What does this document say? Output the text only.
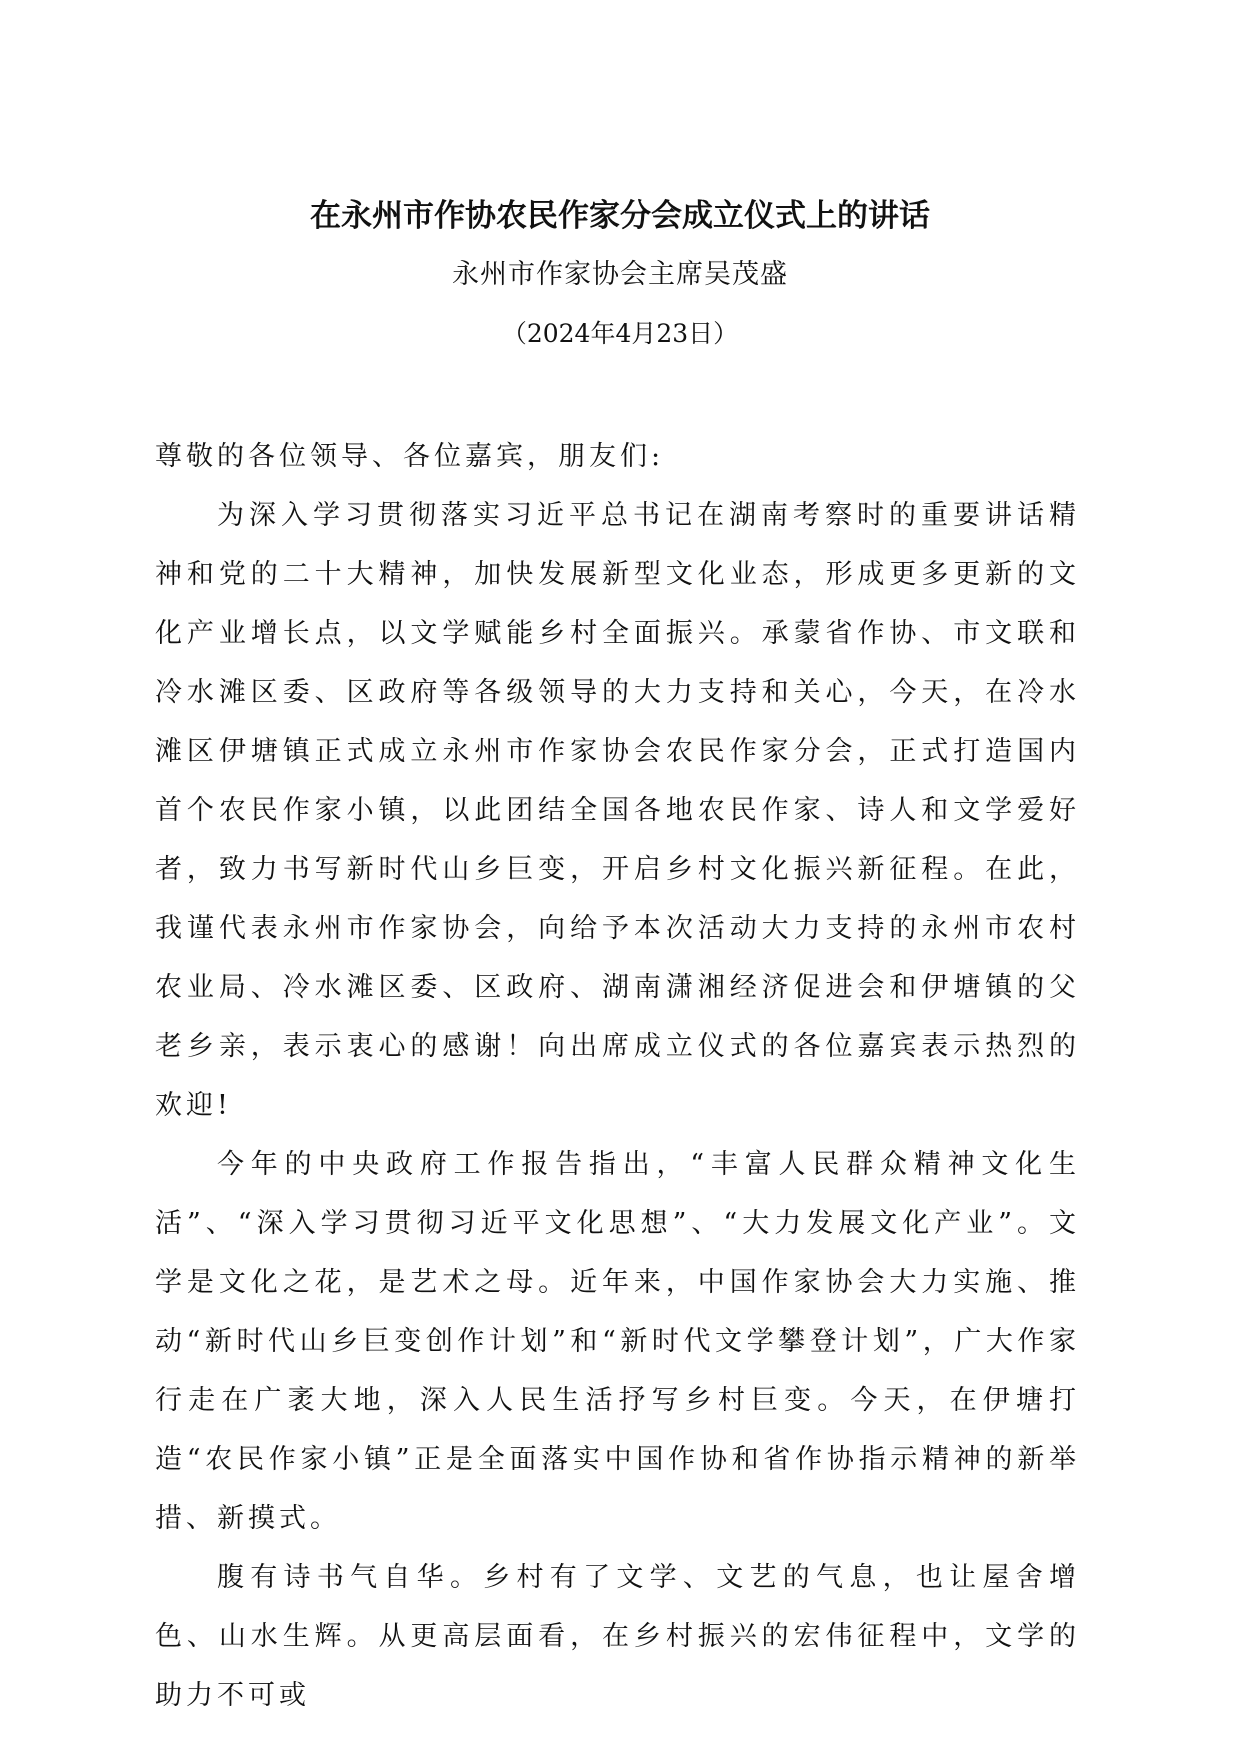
在永州市作协农民作家分会成立仪式上的讲话
永州市作家协会主席吴茂盛
（2024年4月23日）

尊敬的各位领导、各位嘉宾，朋友们:

为深入学习贯彻落实习近平总书记在湖南考察时的重要讲话精神和党的二十大精神，加快发展新型文化业态，形成更多更新的文化产业增长点，以文学赋能乡村全面振兴。承蒙省作协、市文联和冷水滩区委、区政府等各级领导的大力支持和关心，今天，在冷水滩区伊塘镇正式成立永州市作家协会农民作家分会，正式打造国内首个农民作家小镇，以此团结全国各地农民作家、诗人和文学爱好者，致力书写新时代山乡巨变，开启乡村文化振兴新征程。在此，我谨代表永州市作家协会，向给予本次活动大力支持的永州市农村农业局、冷水滩区委、区政府、湖南潇湘经济促进会和伊塘镇的父老乡亲，表示衷心的感谢！向出席成立仪式的各位嘉宾表示热烈的欢迎!

今年的中央政府工作报告指出，“丰富人民群众精神文化生活”、“深入学习贯彻习近平文化思想”、“大力发展文化产业”。文学是文化之花，是艺术之母。近年来，中国作家协会大力实施、推动“新时代山乡巨变创作计划”和“新时代文学攀登计划”，广大作家行走在广袤大地，深入人民生活抒写乡村巨变。今天，在伊塘打造“农民作家小镇”正是全面落实中国作协和省作协指示精神的新举措、新摸式。

腹有诗书气自华。乡村有了文学、文艺的气息，也让屋舍增色、山水生辉。从更高层面看，在乡村振兴的宏伟征程中，文学的助力不可或
